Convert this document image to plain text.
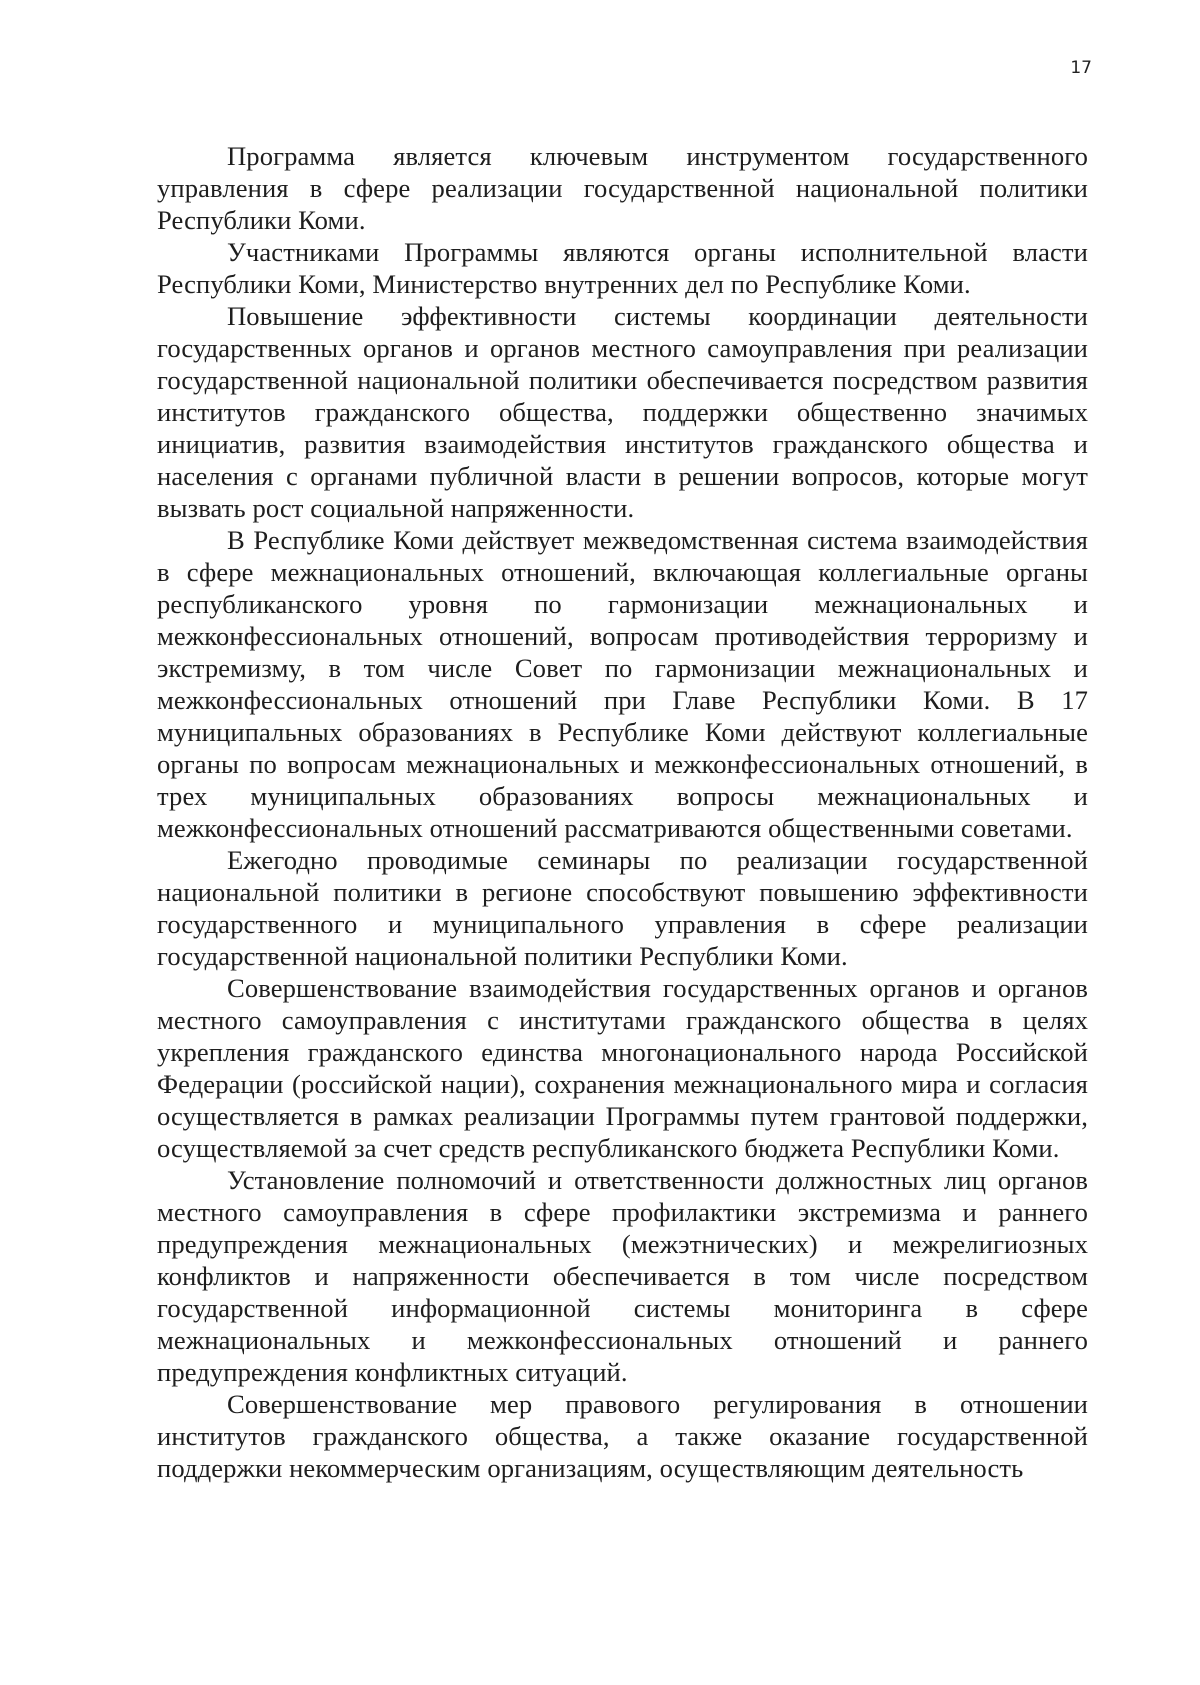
17

Программа является ключевым инструментом государственного управления в сфере реализации государственной национальной политики Республики Коми.

Участниками Программы являются органы исполнительной власти Республики Коми, Министерство внутренних дел по Республике Коми.

Повышение эффективности системы координации деятельности государственных органов и органов местного самоуправления при реализации государственной национальной политики обеспечивается посредством развития институтов гражданского общества, поддержки общественно значимых инициатив, развития взаимодействия институтов гражданского общества и населения с органами публичной власти в решении вопросов, которые могут вызвать рост социальной напряженности.

В Республике Коми действует межведомственная система взаимодействия в сфере межнациональных отношений, включающая коллегиальные органы республиканского уровня по гармонизации межнациональных и межконфессиональных отношений, вопросам противодействия терроризму и экстремизму, в том числе Совет по гармонизации межнациональных и межконфессиональных отношений при Главе Республики Коми. В 17 муниципальных образованиях в Республике Коми действуют коллегиальные органы по вопросам межнациональных и межконфессиональных отношений, в трех муниципальных образованиях вопросы межнациональных и межконфессиональных отношений рассматриваются общественными советами.

Ежегодно проводимые семинары по реализации государственной национальной политики в регионе способствуют повышению эффективности государственного и муниципального управления в сфере реализации государственной национальной политики Республики Коми.

Совершенствование взаимодействия государственных органов и органов местного самоуправления с институтами гражданского общества в целях укрепления гражданского единства многонационального народа Российской Федерации (российской нации), сохранения межнационального мира и согласия осуществляется в рамках реализации Программы путем грантовой поддержки, осуществляемой за счет средств республиканского бюджета Республики Коми.

Установление полномочий и ответственности должностных лиц органов местного самоуправления в сфере профилактики экстремизма и раннего предупреждения межнациональных (межэтнических) и межрелигиозных конфликтов и напряженности обеспечивается в том числе посредством государственной информационной системы мониторинга в сфере межнациональных и межконфессиональных отношений и раннего предупреждения конфликтных ситуаций.

Совершенствование мер правового регулирования в отношении институтов гражданского общества, а также оказание государственной поддержки некоммерческим организациям, осуществляющим деятельность
